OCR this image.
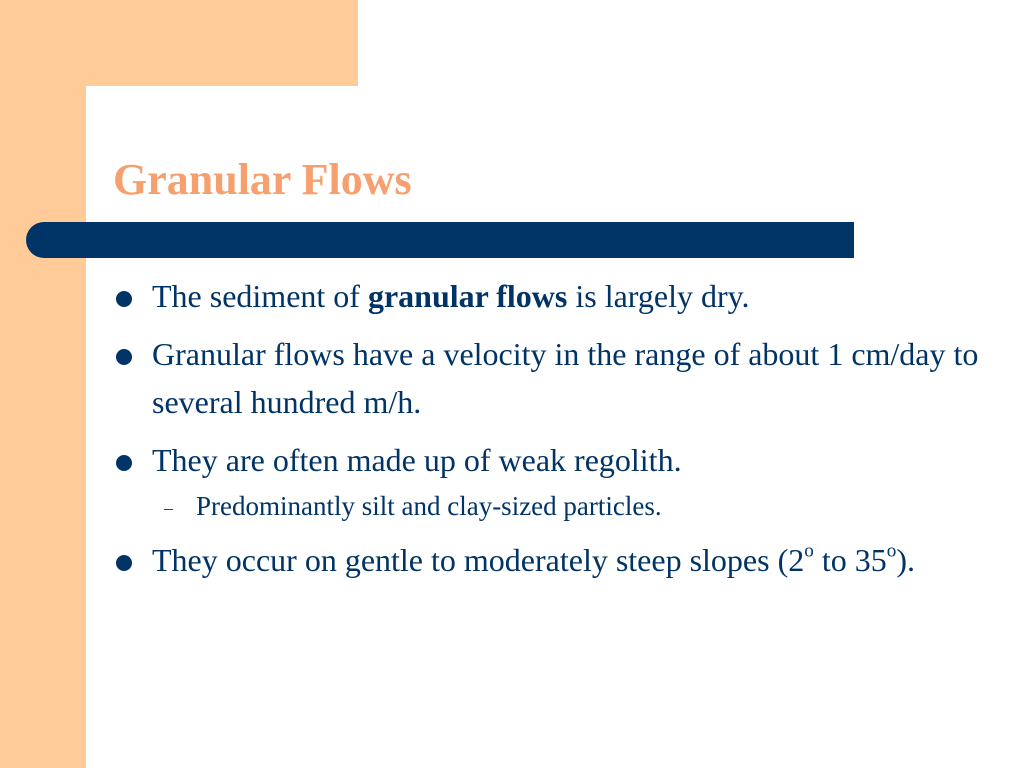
Granular Flows
The sediment of granular flows is largely dry.
Granular flows have a velocity in the range of about 1 cm/day to several hundred m/h.
They are often made up of weak regolith.
– Predominantly silt and clay-sized particles.
They occur on gentle to moderately steep slopes (2$^o$ to 35$^o$).
